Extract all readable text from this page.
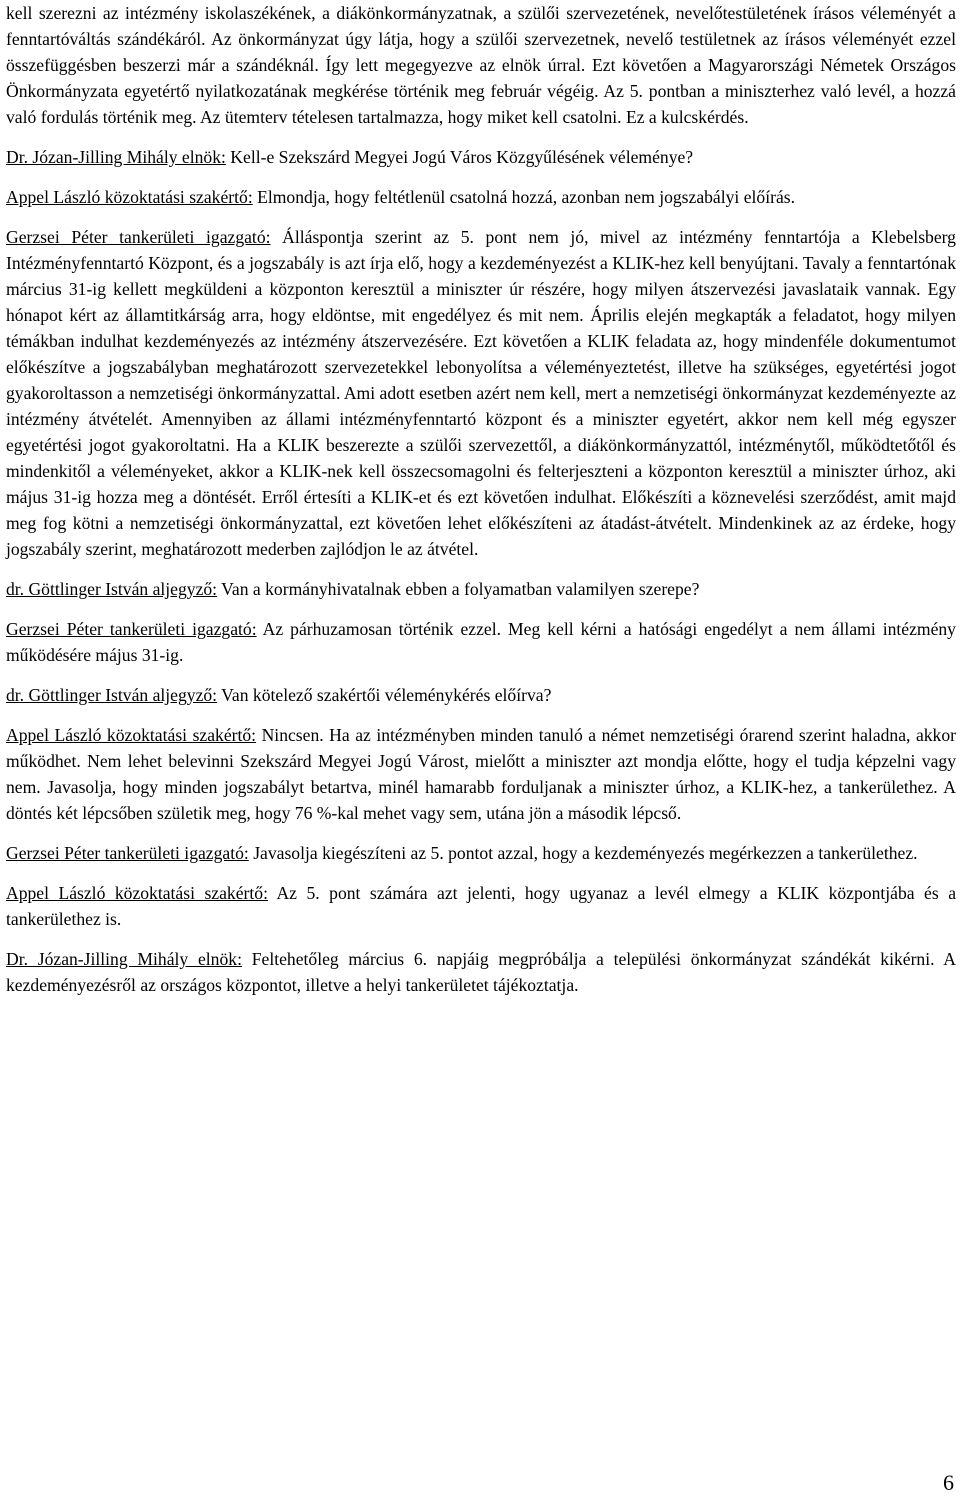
kell szerezni az intézmény iskolaszékének, a diákönkormányzatnak, a szülői szervezetének, nevelőtestületének írásos véleményét a fenntartóváltás szándékáról. Az önkormányzat úgy látja, hogy a szülői szervezetnek, nevelő testületnek az írásos véleményét ezzel összefüggésben beszerzi már a szándéknál. Így lett megegyezve az elnök úrral. Ezt követően a Magyarországi Németek Országos Önkormányzata egyetértő nyilatkozatának megkérése történik meg február végéig. Az 5. pontban a miniszterhez való levél, a hozzá való fordulás történik meg. Az ütemterv tételesen tartalmazza, hogy miket kell csatolni. Ez a kulcskérdés.

Dr. Józan-Jilling Mihály elnök: Kell-e Szekszárd Megyei Jogú Város Közgyűlésének véleménye?

Appel László közoktatási szakértő: Elmondja, hogy feltétlenül csatolná hozzá, azonban nem jogszabályi előírás.

Gerzsei Péter tankerületi igazgató: Álláspontja szerint az 5. pont nem jó, mivel az intézmény fenntartója a Klebelsberg Intézményfenntartó Központ, és a jogszabály is azt írja elő, hogy a kezdeményezést a KLIK-hez kell benyújtani. Tavaly a fenntartónak március 31-ig kellett megküldeni a központon keresztül a miniszter úr részére, hogy milyen átszervezési javaslataik vannak. Egy hónapot kért az államtitkárság arra, hogy eldöntse, mit engedélyez és mit nem. Április elején megkapták a feladatot, hogy milyen témákban indulhat kezdeményezés az intézmény átszervezésére. Ezt követően a KLIK feladata az, hogy mindenféle dokumentumot előkészítve a jogszabályban meghatározott szervezetekkel lebonyolítsa a véleményeztetést, illetve ha szükséges, egyetértési jogot gyakoroltasson a nemzetiségi önkormányzattal. Ami adott esetben azért nem kell, mert a nemzetiségi önkormányzat kezdeményezte az intézmény átvételét. Amennyiben az állami intézményfenntartó központ és a miniszter egyetért, akkor nem kell még egyszer egyetértési jogot gyakoroltatni. Ha a KLIK beszerezte a szülői szervezettől, a diákönkormányzattól, intézménytől, működtetőtől és mindenkitől a véleményeket, akkor a KLIK-nek kell összecsomagolni és felterjeszteni a központon keresztül a miniszter úrhoz, aki május 31-ig hozza meg a döntését. Erről értesíti a KLIK-et és ezt követően indulhat. Előkészíti a köznevelési szerződést, amit majd meg fog kötni a nemzetiségi önkormányzattal, ezt követően lehet előkészíteni az átadást-átvételt. Mindenkinek az az érdeke, hogy jogszabály szerint, meghatározott mederben zajlódjon le az átvétel.

dr. Göttlinger István aljegyző: Van a kormányhivatalnak ebben a folyamatban valamilyen szerepe?

Gerzsei Péter tankerületi igazgató: Az párhuzamosan történik ezzel. Meg kell kérni a hatósági engedélyt a nem állami intézmény működésére május 31-ig.

dr. Göttlinger István aljegyző: Van kötelező szakértői véleménykérés előírva?

Appel László közoktatási szakértő: Nincsen. Ha az intézményben minden tanuló a német nemzetiségi órarend szerint haladna, akkor működhet. Nem lehet belevinni Szekszárd Megyei Jogú Várost, mielőtt a miniszter azt mondja előtte, hogy el tudja képzelni vagy nem. Javasolja, hogy minden jogszabályt betartva, minél hamarabb forduljanak a miniszter úrhoz, a KLIK-hez, a tankerülethez. A döntés két lépcsőben születik meg, hogy 76 %-kal mehet vagy sem, utána jön a második lépcső.

Gerzsei Péter tankerületi igazgató: Javasolja kiegészíteni az 5. pontot azzal, hogy a kezdeményezés megérkezzen a tankerülethez.

Appel László közoktatási szakértő: Az 5. pont számára azt jelenti, hogy ugyanaz a levél elmegy a KLIK központjába és a tankerülethez is.

Dr. Józan-Jilling Mihály elnök: Feltehetőleg március 6. napjáig megpróbálja a települési önkormányzat szándékát kikérni. A kezdeményezésről az országos központot, illetve a helyi tankerületet tájékoztatja.

6
